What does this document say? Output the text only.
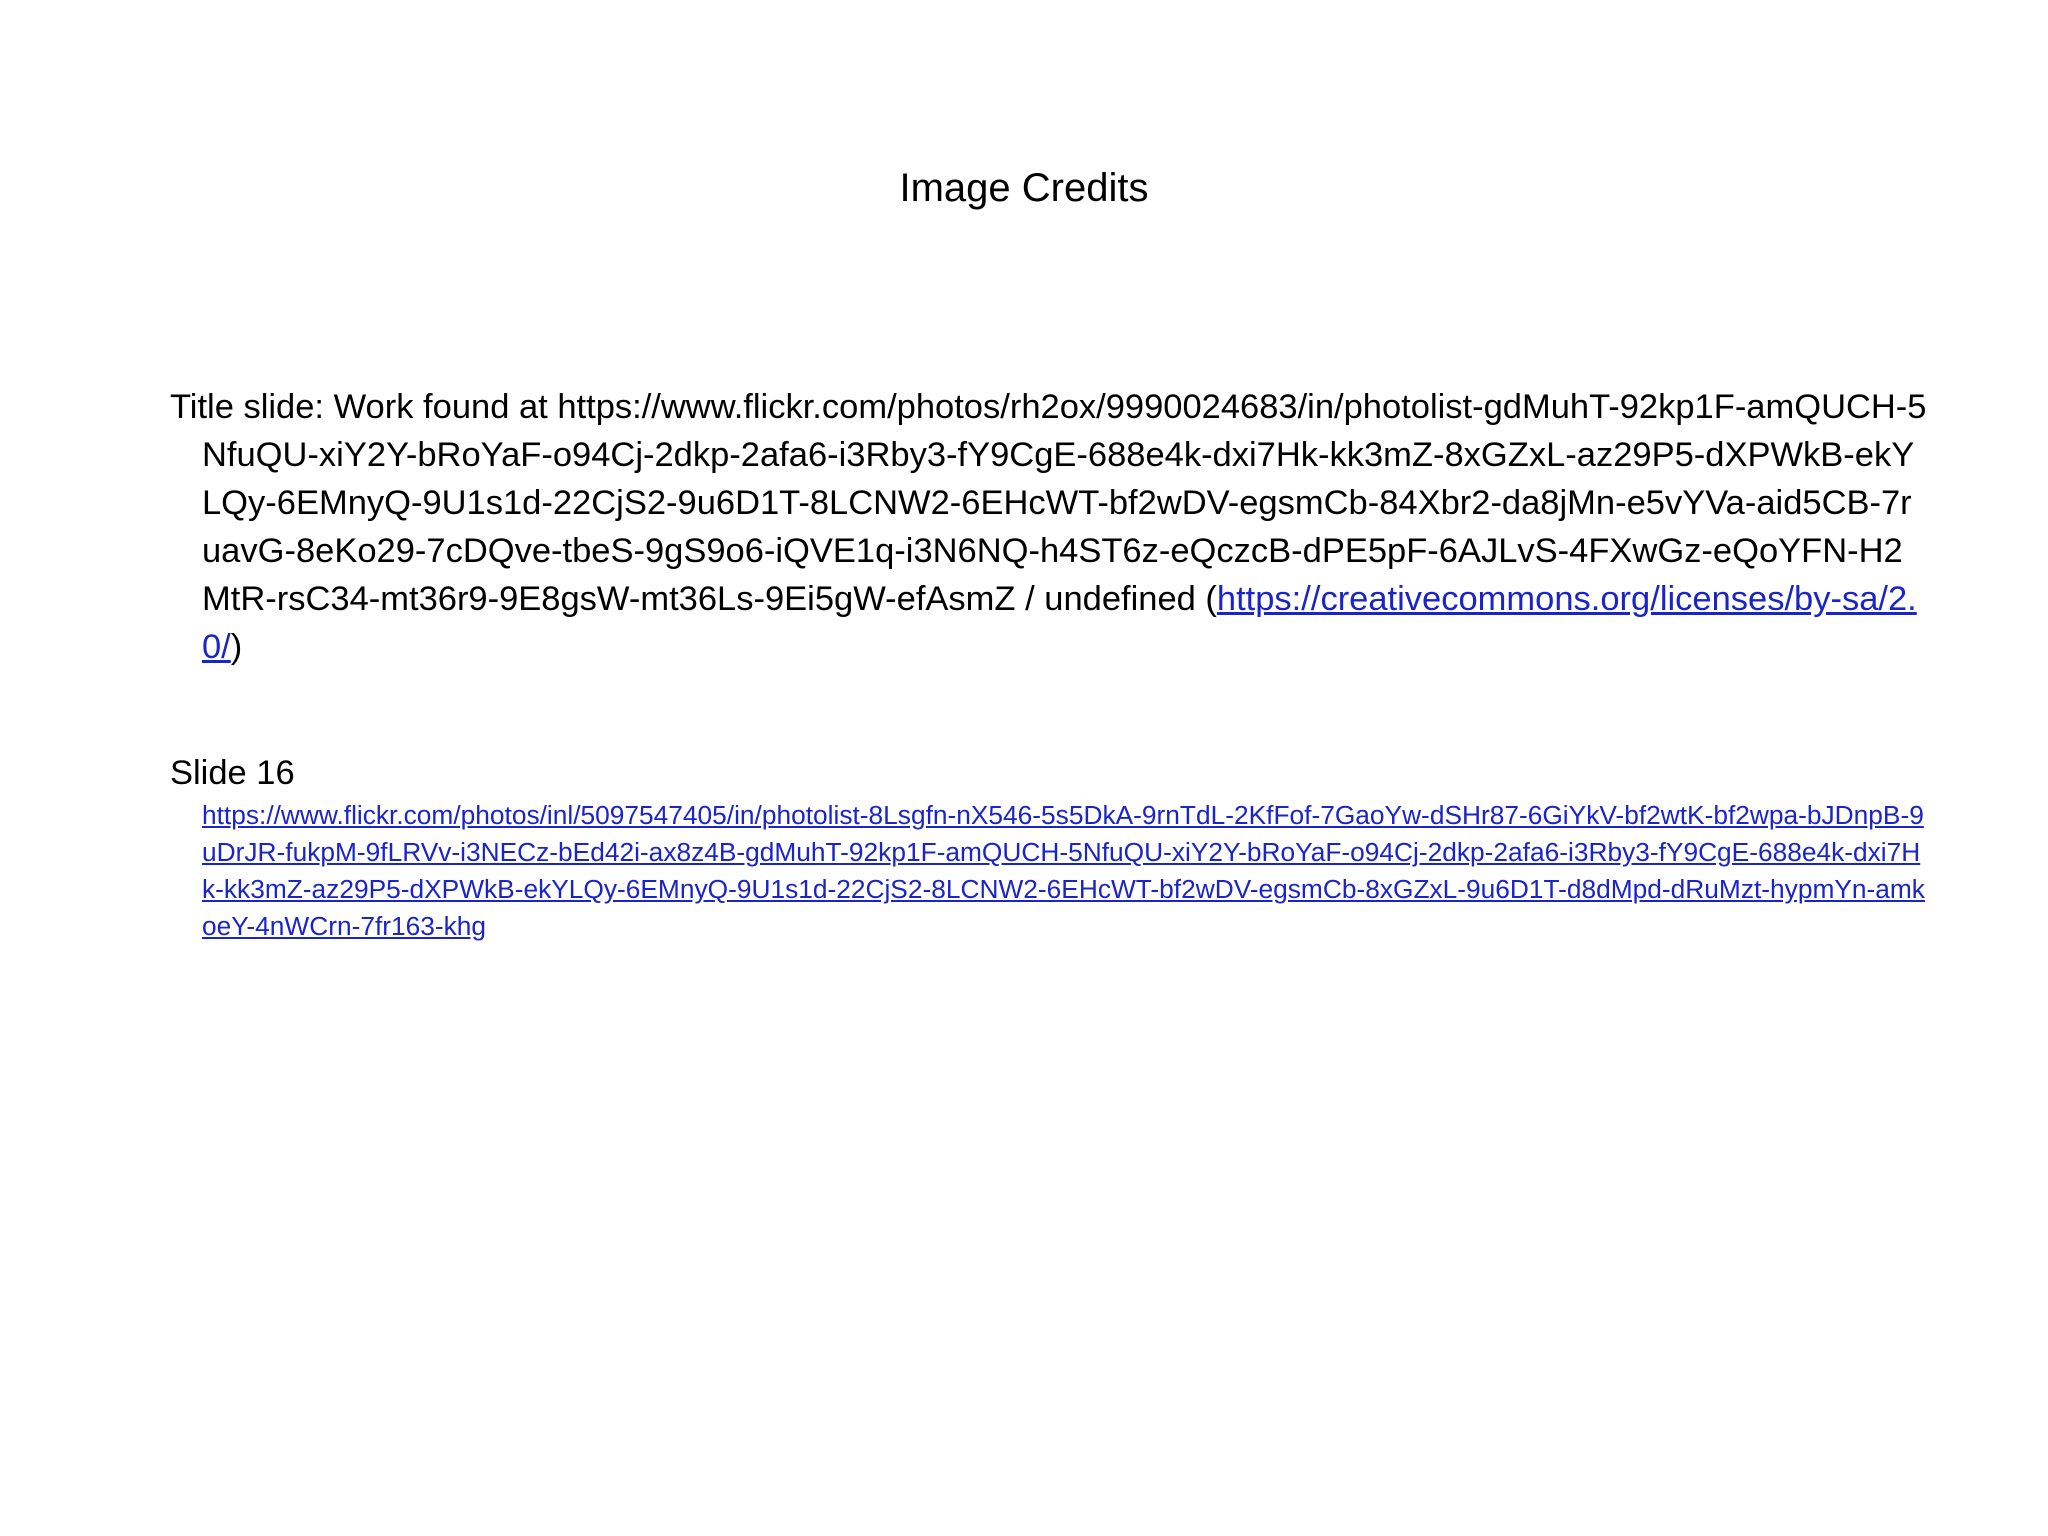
Image Credits

Title slide: Work found at https://www.flickr.com/photos/rh2ox/9990024683/in/photolist-gdMuhT-92kp1F-amQUCH-5NfuQU-xiY2Y-bRoYaF-o94Cj-2dkp-2afa6-i3Rby3-fY9CgE-688e4k-dxi7Hk-kk3mZ-8xGZxL-az29P5-dXPWkB-ekYLQy-6EMnyQ-9U1s1d-22CjS2-9u6D1T-8LCNW2-6EHcWT-bf2wDV-egsmCb-84Xbr2-da8jMn-e5vYVa-aid5CB-7ruavG-8eKo29-7cDQve-tbeS-9gS9o6-iQVE1q-i3N6NQ-h4ST6z-eQczcB-dPE5pF-6AJLvS-4FXwGz-eQoYFN-H2MtR-rsC34-mt36r9-9E8gsW-mt36Ls-9Ei5gW-efAsmZ / undefined (https://creativecommons.org/licenses/by-sa/2.0/)

Slide 16

https://www.flickr.com/photos/inl/5097547405/in/photolist-8Lsgfn-nX546-5s5DkA-9rnTdL-2KfFof-7GaoYw-dSHr87-6GiYkV-bf2wtK-bf2wpa-bJDnpB-9uDrJR-fukpM-9fLRVv-i3NECz-bEd42i-ax8z4B-gdMuhT-92kp1F-amQUCH-5NfuQU-xiY2Y-bRoYaF-o94Cj-2dkp-2afa6-i3Rby3-fY9CgE-688e4k-dxi7Hk-kk3mZ-az29P5-dXPWkB-ekYLQy-6EMnyQ-9U1s1d-22CjS2-8LCNW2-6EHcWT-bf2wDV-egsmCb-8xGZxL-9u6D1T-d8dMpd-dRuMzt-hypmYn-amkoeY-4nWCrn-7fr163-khg
